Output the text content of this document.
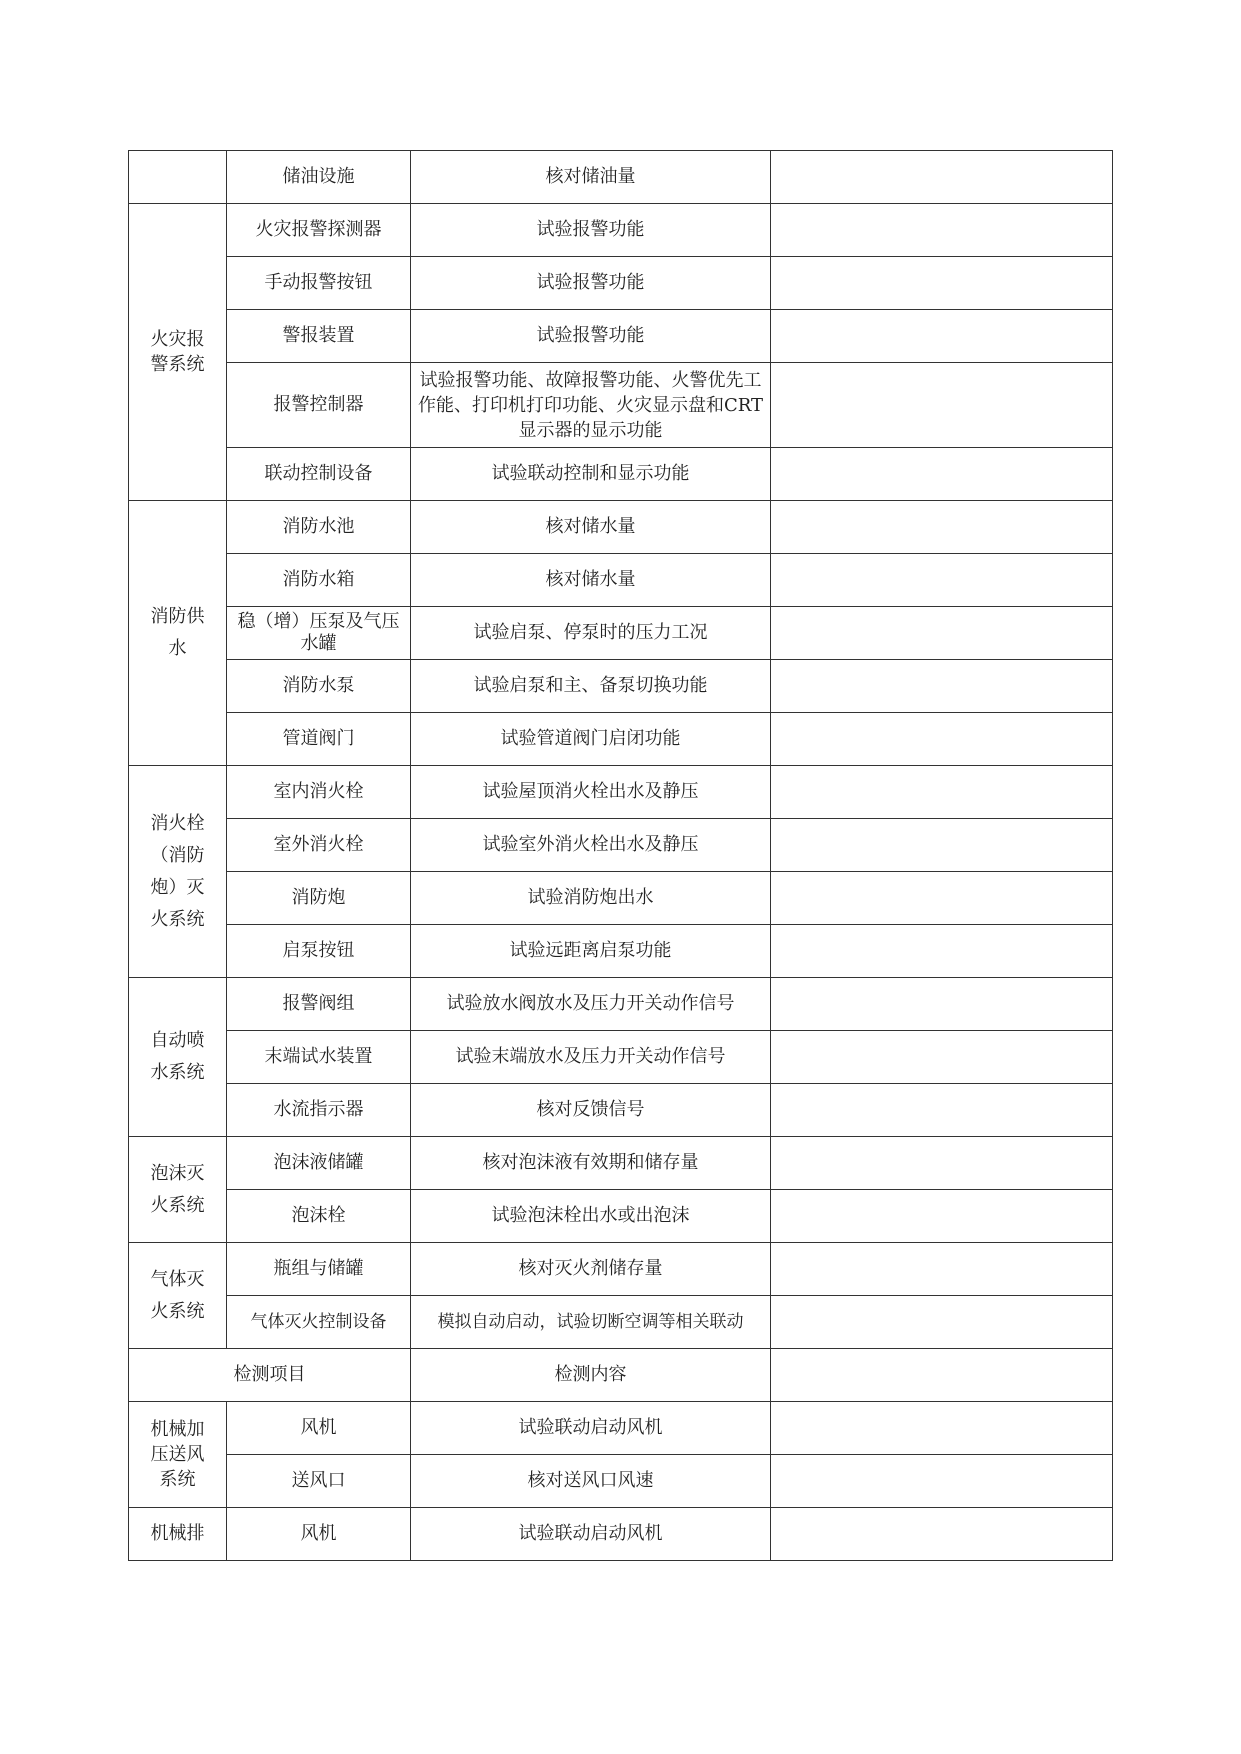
	储油设施	核对储油量	
火灾报警系统	火灾报警探测器	试验报警功能	
	手动报警按钮	试验报警功能	
	警报装置	试验报警功能	
	报警控制器	试验报警功能、故障报警功能、火警优先工作能、打印机打印功能、火灾显示盘和CRT 显示器的显示功能	
	联动控制设备	试验联动控制和显示功能	
消防供水	消防水池	核对储水量	
	消防水箱	核对储水量	
	稳（增）压泵及气压水罐	试验启泵、停泵时的压力工况	
	消防水泵	试验启泵和主、备泵切换功能	
	管道阀门	试验管道阀门启闭功能	
消火栓（消防炮）灭火系统	室内消火栓	试验屋顶消火栓出水及静压	
	室外消火栓	试验室外消火栓出水及静压	
	消防炮	试验消防炮出水	
	启泵按钮	试验远距离启泵功能	
自动喷水系统	报警阀组	试验放水阀放水及压力开关动作信号	
	末端试水装置	试验末端放水及压力开关动作信号	
	水流指示器	核对反馈信号	
泡沫灭火系统	泡沫液储罐	核对泡沫液有效期和储存量	
	泡沫栓	试验泡沫栓出水或出泡沫	
气体灭火系统	瓶组与储罐	核对灭火剂储存量	
	气体灭火控制设备	模拟自动启动，试验切断空调等相关联动	
检测项目		检测内容	
机械加压送风系统	风机	试验联动启动风机	
	送风口	核对送风口风速	
机械排	风机	试验联动启动风机	
